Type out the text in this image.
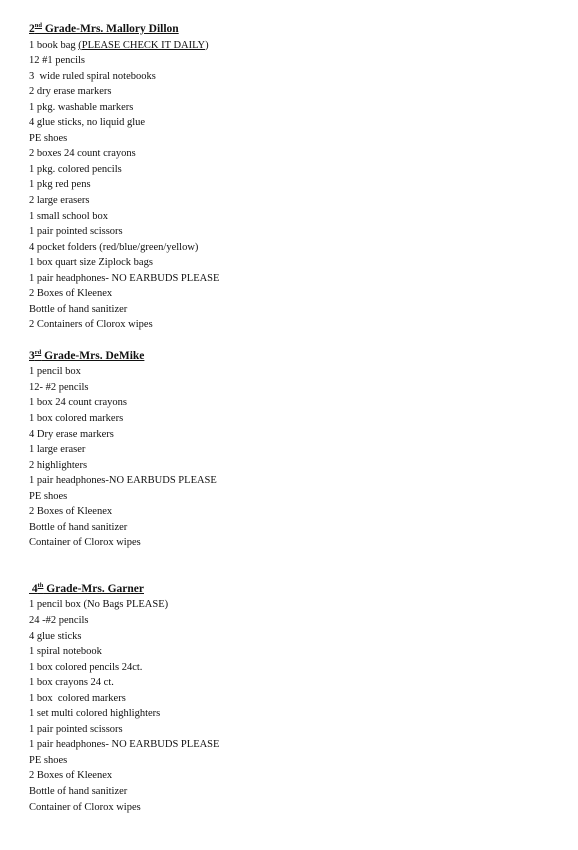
2nd Grade-Mrs. Mallory Dillon
1 book bag (PLEASE CHECK IT DAILY)
12 #1 pencils
3  wide ruled spiral notebooks
2 dry erase markers
1 pkg. washable markers
4 glue sticks, no liquid glue
PE shoes
2 boxes 24 count crayons
1 pkg. colored pencils
1 pkg red pens
2 large erasers
1 small school box
1 pair pointed scissors
4 pocket folders (red/blue/green/yellow)
1 box quart size Ziplock bags
1 pair headphones- NO EARBUDS PLEASE
2 Boxes of Kleenex
Bottle of hand sanitizer
2 Containers of Clorox wipes
3rd Grade-Mrs. DeMike
1 pencil box
12- #2 pencils
1 box 24 count crayons
1 box colored markers
4 Dry erase markers
1 large eraser
2 highlighters
1 pair headphones-NO EARBUDS PLEASE
PE shoes
2 Boxes of Kleenex
Bottle of hand sanitizer
Container of Clorox wipes
4th Grade-Mrs. Garner
1 pencil box (No Bags PLEASE)
24 -#2 pencils
4 glue sticks
1 spiral notebook
1 box colored pencils 24ct.
1 box crayons 24 ct.
1 box  colored markers
1 set multi colored highlighters
1 pair pointed scissors
1 pair headphones- NO EARBUDS PLEASE
PE shoes
2 Boxes of Kleenex
Bottle of hand sanitizer
Container of Clorox wipes
